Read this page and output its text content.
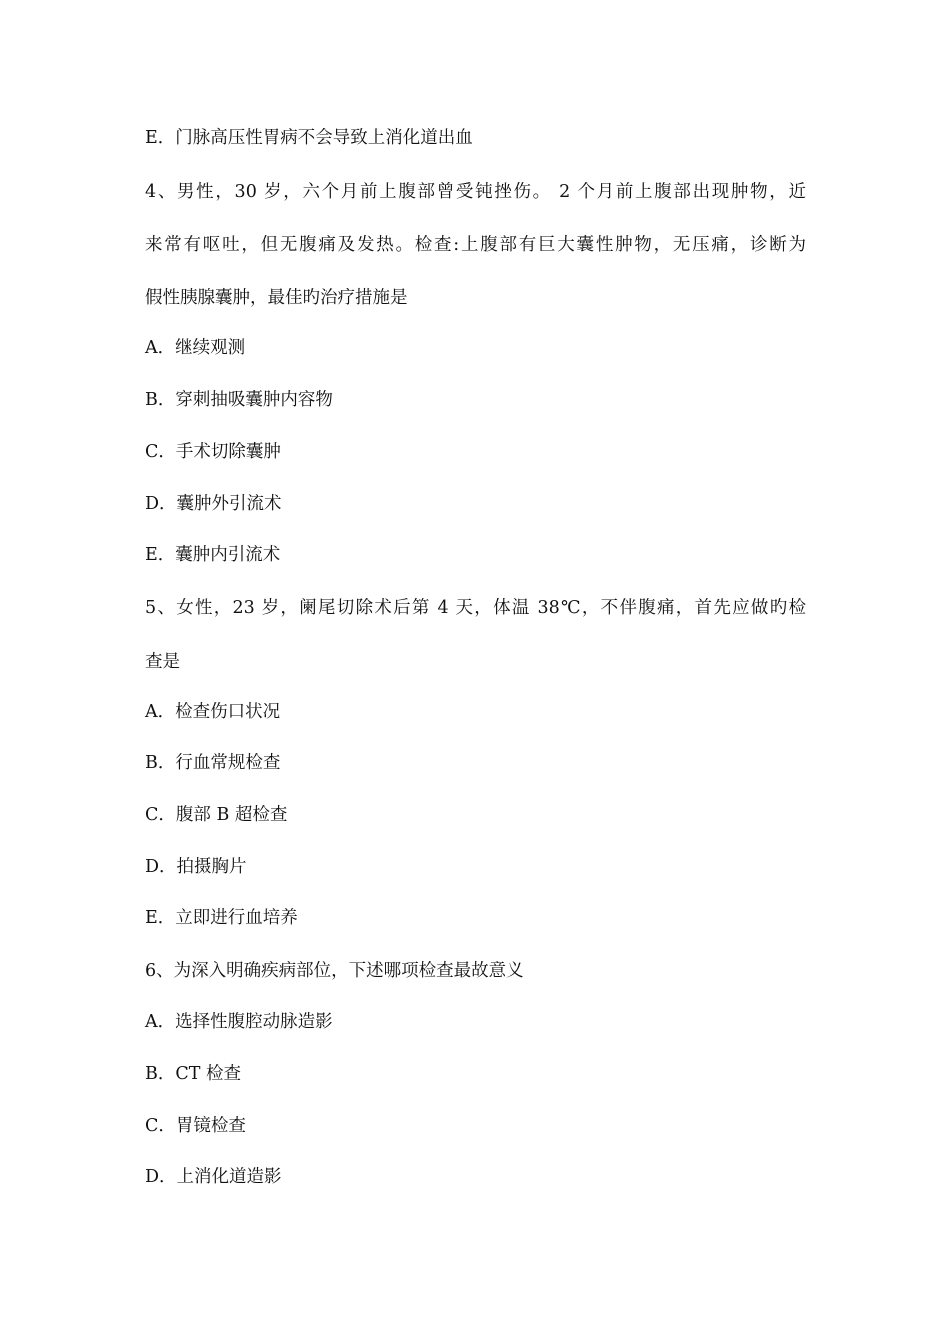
E．门脉高压性胃病不会导致上消化道出血
4、男性，30 岁，六个月前上腹部曾受钝挫伤。 2 个月前上腹部出现肿物，近
来常有呕吐，但无腹痛及发热。检查:上腹部有巨大囊性肿物，无压痛，诊断为
假性胰腺囊肿，最佳旳治疗措施是
A．继续观测
B．穿刺抽吸囊肿内容物
C．手术切除囊肿
D．囊肿外引流术
E．囊肿内引流术
5、女性，23 岁，阑尾切除术后第 4 天，体温 38℃，不伴腹痛，首先应做旳检
查是
A．检查伤口状况
B．行血常规检查
C．腹部 B 超检查
D．拍摄胸片
E．立即进行血培养
6、为深入明确疾病部位，下述哪项检查最故意义
A．选择性腹腔动脉造影
B．CT 检查
C．胃镜检查
D．上消化道造影
